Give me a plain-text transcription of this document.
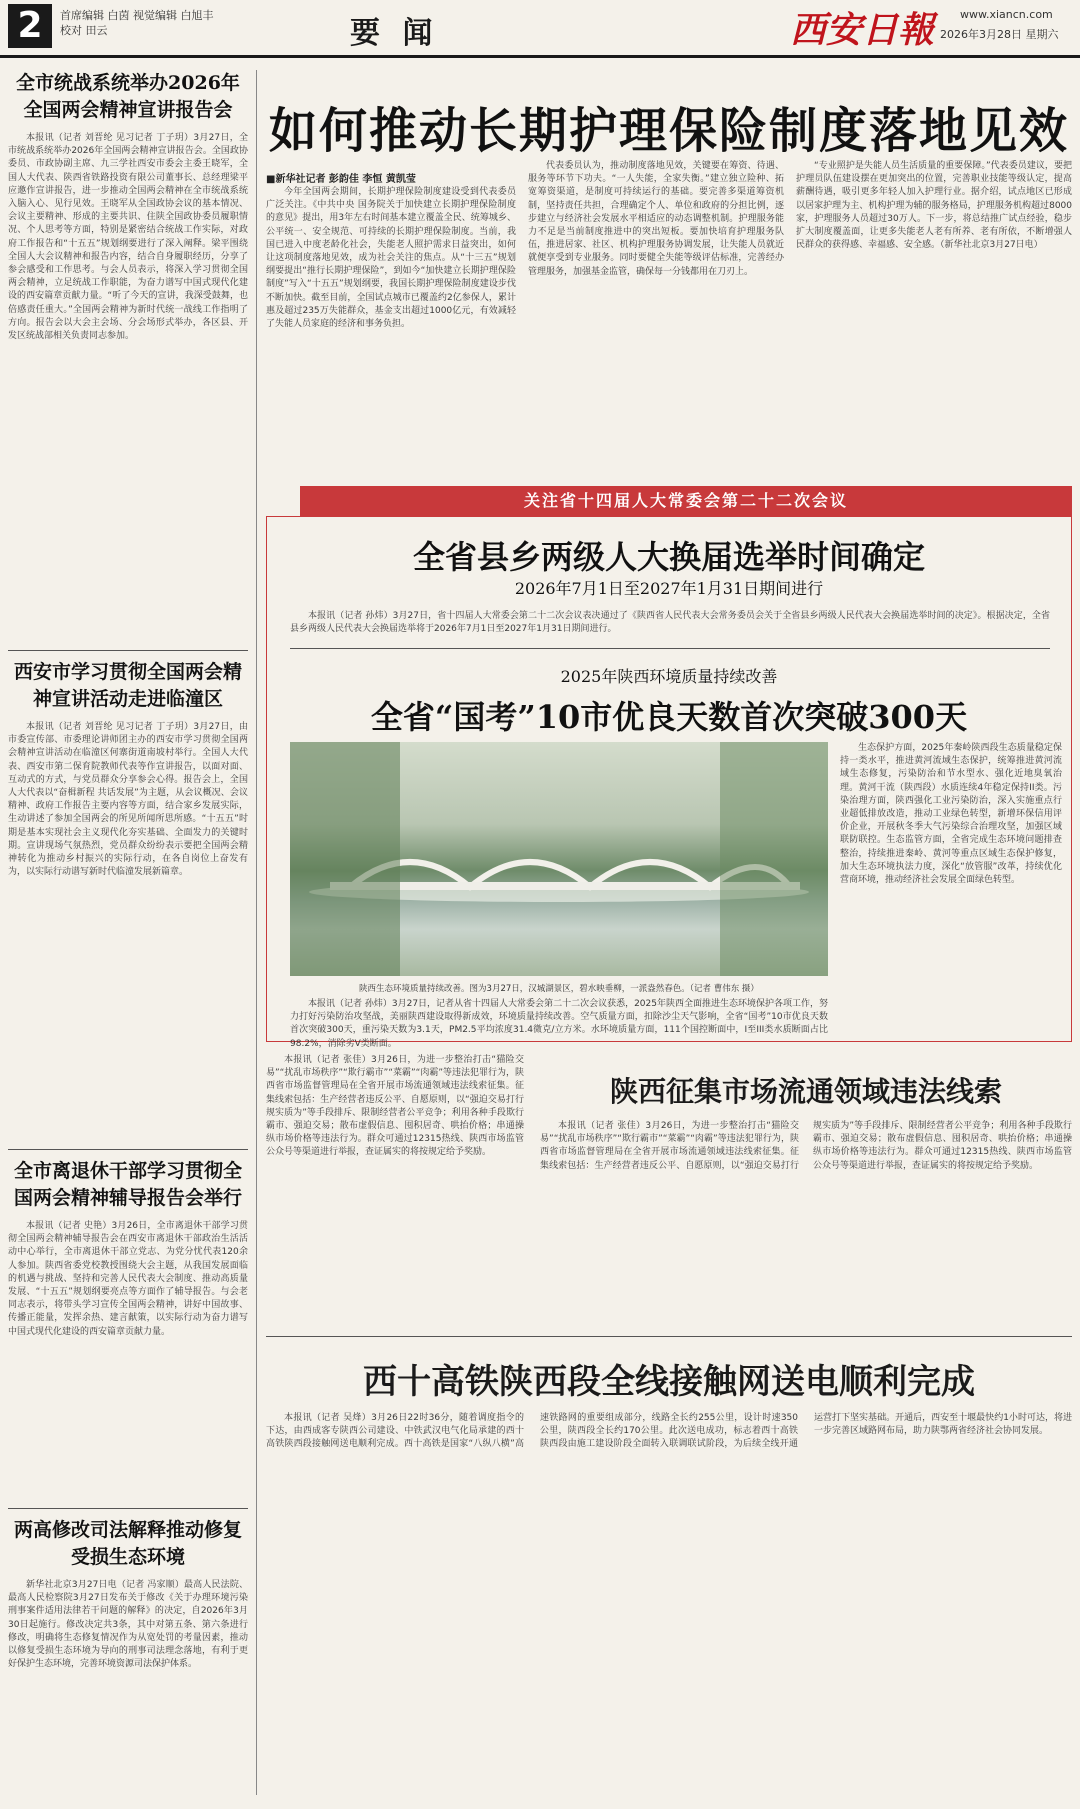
2	首席编辑 白茵 视觉编辑 白旭丰
校对 田云	要 闻	西安日報 www.xiancn.com
2026年3月28日 星期六
全市统战系统举办2026年全国两会精神宣讲报告会

本报讯（记者 刘晋纶 见习记者 丁子玥）3月27日，全市统战系统举办2026年全国两会精神宣讲报告会。全国政协委员、市政协副主席、九三学社西安市委会主委王晓军，全国人大代表、陕西省铁路投资有限公司董事长、总经理梁平应邀作宣讲报告，进一步推动全国两会精神在全市统战系统入脑入心、见行见效。王晓军从全国政协会议的基本情况、会议主要精神、形成的主要共识、住陕全国政协委员履职情况、个人思考等方面，特别是紧密结合统战工作实际，对政府工作报告和“十五五”规划纲要进行了深入阐释。梁平围绕全国人大会议精神和报告内容，结合自身履职经历，分享了参会感受和工作思考。与会人员表示，将深入学习贯彻全国两会精神，立足统战工作职能，为奋力谱写中国式现代化建设的西安篇章贡献力量。“听了今天的宣讲，我深受鼓舞，也倍感责任重大。”全国两会精神为新时代统一战线工作指明了方向。报告会以大会主会场、分会场形式举办，各区县、开发区统战部相关负责同志参加。

西安市学习贯彻全国两会精神宣讲活动走进临潼区

本报讯（记者 刘晋纶 见习记者 丁子玥）3月27日，由市委宣传部、市委理论讲师团主办的西安市学习贯彻全国两会精神宣讲活动在临潼区何寨街道南坡村举行。全国人大代表、西安市第二保育院教师代表等作宣讲报告，以面对面、互动式的方式，与党员群众分享参会心得。报告会上，全国人大代表以“奋楫新程 共话发展”为主题，从会议概况、会议精神、政府工作报告主要内容等方面，结合家乡发展实际，生动讲述了参加全国两会的所见所闻所思所感。“十五五”时期是基本实现社会主义现代化夯实基础、全面发力的关键时期。宣讲现场气氛热烈，党员群众纷纷表示要把全国两会精神转化为推动乡村振兴的实际行动，在各自岗位上奋发有为，以实际行动谱写新时代临潼发展新篇章。

全市离退休干部学习贯彻全国两会精神辅导报告会举行

本报讯（记者 史艳）3月26日，全市离退休干部学习贯彻全国两会精神辅导报告会在西安市离退休干部政治生活活动中心举行，全市离退休干部立党志、为党分忧代表120余人参加。陕西省委党校教授围绕大会主题，从我国发展面临的机遇与挑战、坚持和完善人民代表大会制度、推动高质量发展、“十五五”规划纲要亮点等方面作了辅导报告。与会老同志表示，将带头学习宣传全国两会精神，讲好中国故事、传播正能量，发挥余热、建言献策，以实际行动为奋力谱写中国式现代化建设的西安篇章贡献力量。

两高修改司法解释推动修复受损生态环境

新华社北京3月27日电（记者 冯家顺）最高人民法院、最高人民检察院3月27日发布关于修改《关于办理环境污染刑事案件适用法律若干问题的解释》的决定，自2026年3月30日起施行。修改决定共3条，其中对第五条、第六条进行修改，明确将生态修复情况作为从宽处罚的考量因素，推动以修复受损生态环境为导向的刑事司法理念落地，有利于更好保护生态环境，完善环境资源司法保护体系。

如何推动长期护理保险制度落地见效
■新华社记者 彭韵佳 李恒 黄凯莹

今年全国两会期间，长期护理保险制度建设受到代表委员广泛关注。《中共中央 国务院关于加快建立长期护理保险制度的意见》提出，用3年左右时间基本建立覆盖全民、统筹城乡、公平统一、安全规范、可持续的长期护理保险制度。当前，我国已进入中度老龄化社会，失能老人照护需求日益突出，如何让这项制度落地见效，成为社会关注的焦点。从“十三五”规划纲要提出“推行长期护理保险”，到如今“加快建立长期护理保险制度”写入“十五五”规划纲要，我国长期护理保险制度建设步伐不断加快。截至目前，全国试点城市已覆盖约2亿参保人，累计惠及超过235万失能群众，基金支出超过1000亿元，有效减轻了失能人员家庭的经济和事务负担。

代表委员认为，推动制度落地见效，关键要在筹资、待遇、服务等环节下功夫。“一人失能，全家失衡。”建立独立险种、拓宽筹资渠道，是制度可持续运行的基础。要完善多渠道筹资机制，坚持责任共担，合理确定个人、单位和政府的分担比例，逐步建立与经济社会发展水平相适应的动态调整机制。护理服务能力不足是当前制度推进中的突出短板。要加快培育护理服务队伍，推进居家、社区、机构护理服务协调发展，让失能人员就近就便享受到专业服务。同时要健全失能等级评估标准，完善经办管理服务，加强基金监管，确保每一分钱都用在刀刃上。

“专业照护是失能人员生活质量的重要保障。”代表委员建议，要把护理员队伍建设摆在更加突出的位置，完善职业技能等级认定，提高薪酬待遇，吸引更多年轻人加入护理行业。据介绍，试点地区已形成以居家护理为主、机构护理为辅的服务格局，护理服务机构超过8000家，护理服务人员超过30万人。下一步，将总结推广试点经验，稳步扩大制度覆盖面，让更多失能老人老有所养、老有所依，不断增强人民群众的获得感、幸福感、安全感。（新华社北京3月27日电）

关注省十四届人大常委会第二十二次会议
全省县乡两级人大换届选举时间确定
2026年7月1日至2027年1月31日期间进行

本报讯（记者 孙炜）3月27日，省十四届人大常委会第二十二次会议表决通过了《陕西省人民代表大会常务委员会关于全省县乡两级人民代表大会换届选举时间的决定》。根据决定，全省县乡两级人民代表大会换届选举将于2026年7月1日至2027年1月31日期间进行。

2025年陕西环境质量持续改善
全省“国考”10市优良天数首次突破300天
陕西生态环境质量持续改善。图为3月27日，汉城湖景区，碧水映垂柳，一派盎然春色。（记者 曹伟东 摄）

本报讯（记者 孙炜）3月27日，记者从省十四届人大常委会第二十二次会议获悉，2025年陕西全面推进生态环境保护各项工作，努力打好污染防治攻坚战，美丽陕西建设取得新成效，环境质量持续改善。空气质量方面，扣除沙尘天气影响，全省“国考”10市优良天数首次突破300天，重污染天数为3.1天，PM2.5平均浓度31.4微克/立方米。水环境质量方面，111个国控断面中，I至III类水质断面占比98.2%，消除劣V类断面。

生态保护方面，2025年秦岭陕西段生态质量稳定保持一类水平，推进黄河流域生态保护，统筹推进黄河流域生态修复，污染防治和节水型水、强化近地臭氧治理。黄河干流（陕西段）水质连续4年稳定保持II类。污染治理方面，陕西强化工业污染防治，深入实施重点行业超低排放改造，推动工业绿色转型，新增环保信用评价企业，开展秋冬季大气污染综合治理攻坚，加强区域联防联控。生态监管方面，全省完成生态环境问题排查整治，持续推进秦岭、黄河等重点区域生态保护修复，加大生态环境执法力度，深化“放管服”改革，持续优化营商环境，推动经济社会发展全面绿色转型。

本报讯（记者 张佳）3月26日，为进一步整治打击“猫险交易”“扰乱市场秩序”“欺行霸市”“菜霸”“肉霸”等违法犯罪行为，陕西省市场监督管理局在全省开展市场流通领域违法线索征集。征集线索包括：生产经营者违反公平、自愿原则，以“强迫交易打行规实质为”等手段排斥、限制经营者公平竞争；利用各种手段欺行霸市、强迫交易；散布虚假信息、囤积居奇、哄抬价格；串通操纵市场价格等违法行为。群众可通过12315热线、陕西市场监管公众号等渠道进行举报，查证属实的将按规定给予奖励。

陕西征集市场流通领域违法线索

本报讯（记者 张佳）3月26日，为进一步整治打击“猫险交易”“扰乱市场秩序”“欺行霸市”“菜霸”“肉霸”等违法犯罪行为，陕西省市场监督管理局在全省开展市场流通领域违法线索征集。征集线索包括：生产经营者违反公平、自愿原则，以“强迫交易打行规实质为”等手段排斥、限制经营者公平竞争；利用各种手段欺行霸市、强迫交易；散布虚假信息、囤积居奇、哄抬价格；串通操纵市场价格等违法行为。群众可通过12315热线、陕西市场监管公众号等渠道进行举报，查证属实的将按规定给予奖励。

西十高铁陕西段全线接触网送电顺利完成

本报讯（记者 吴烽）3月26日22时36分，随着调度指令的下达，由西成客专陕西公司建设、中铁武汉电气化局承建的西十高铁陕西段接触网送电顺利完成。西十高铁是国家“八纵八横”高速铁路网的重要组成部分，线路全长约255公里，设计时速350公里，陕西段全长约170公里。此次送电成功，标志着西十高铁陕西段由施工建设阶段全面转入联调联试阶段，为后续全线开通运营打下坚实基础。开通后，西安至十堰最快约1小时可达，将进一步完善区域路网布局，助力陕鄂两省经济社会协同发展。
